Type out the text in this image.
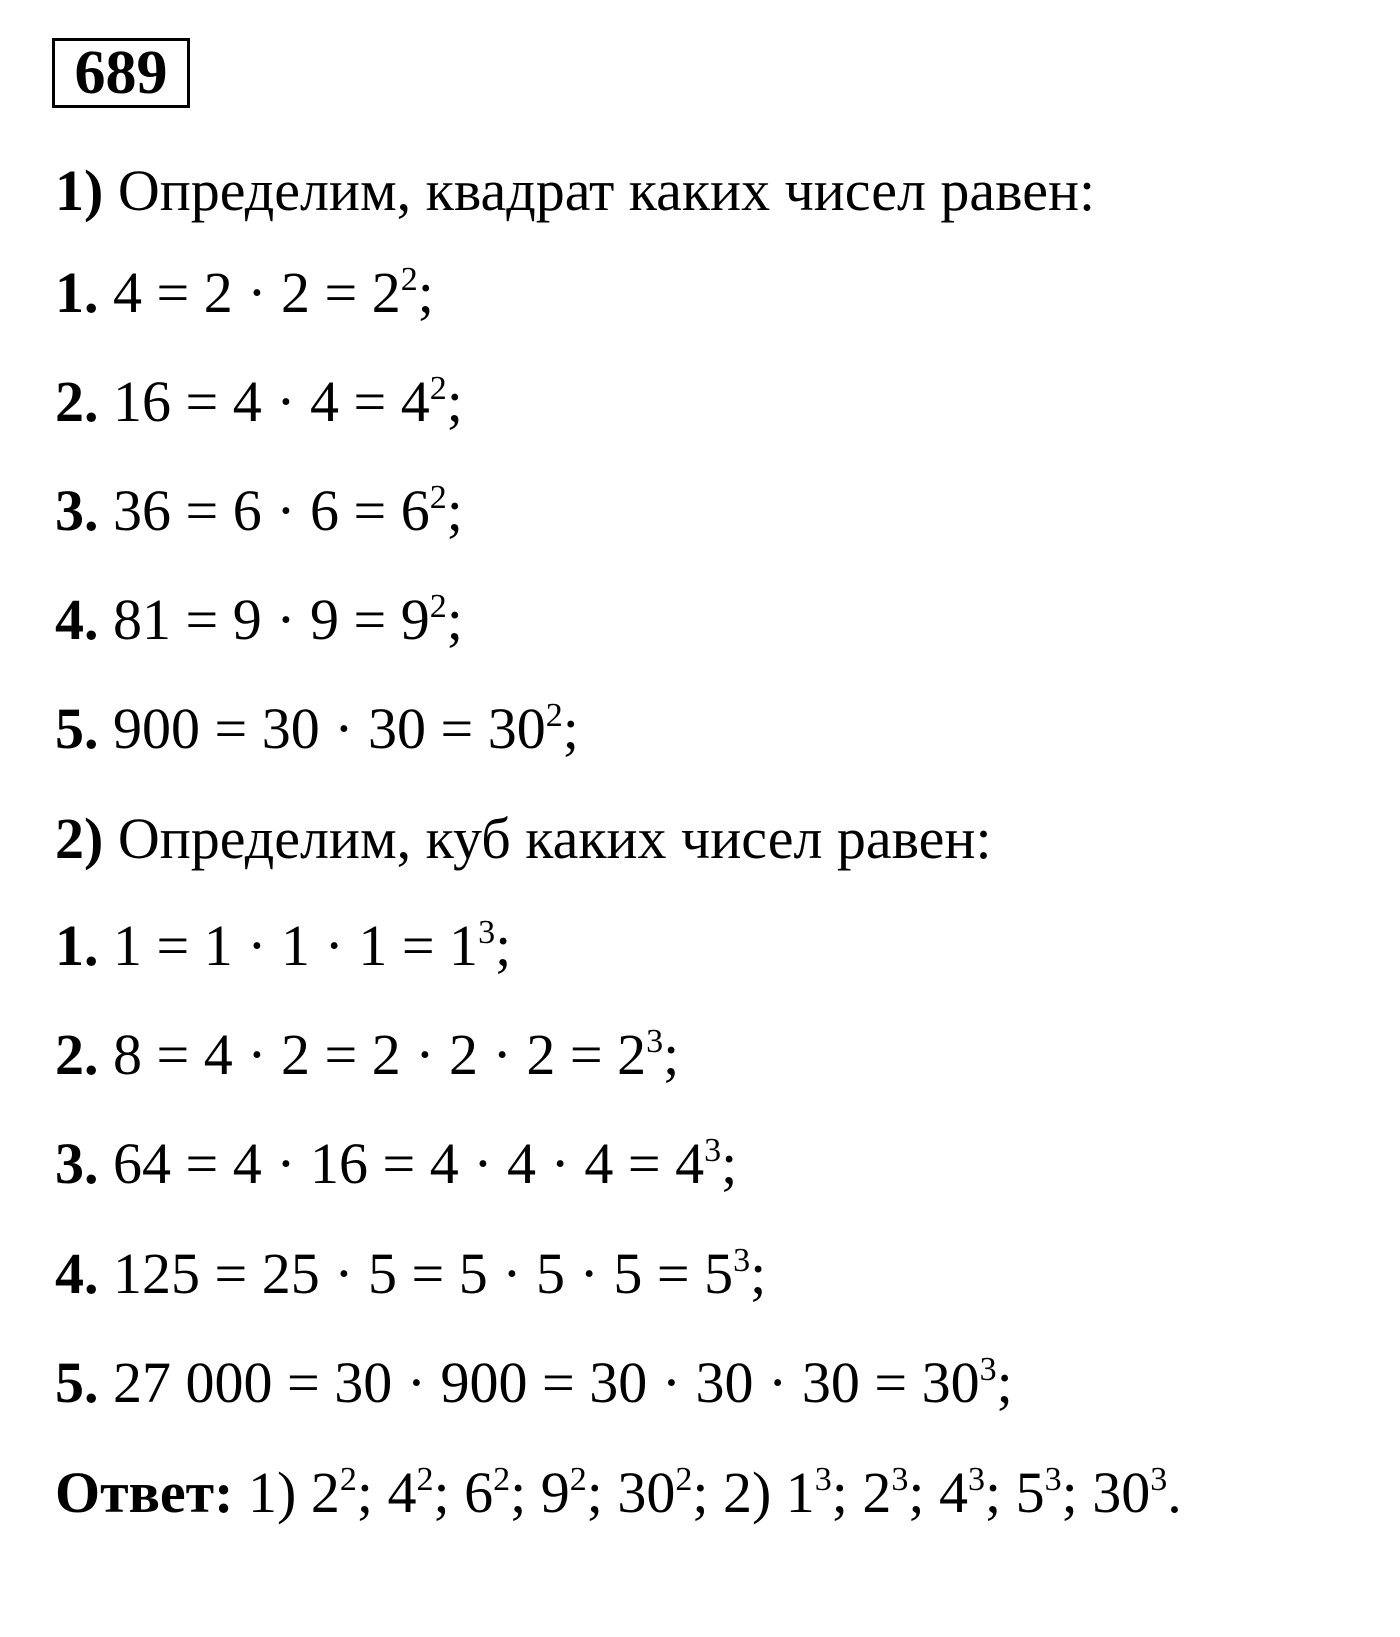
689
1) Определим, квадрат каких чисел равен:
1. $4 = 2 \cdot 2 = 2^2$;
2. $16 = 4 \cdot 4 = 4^2$;
3. $36 = 6 \cdot 6 = 6^2$;
4. $81 = 9 \cdot 9 = 9^2$;
5. $900 = 30 \cdot 30 = 30^2$;
2) Определим, куб каких чисел равен:
1. $1 = 1 \cdot 1 \cdot 1 = 1^3$;
2. $8 = 4 \cdot 2 = 2 \cdot 2 \cdot 2 = 2^3$;
3. $64 = 4 \cdot 16 = 4 \cdot 4 \cdot 4 = 4^3$;
4. $125 = 25 \cdot 5 = 5 \cdot 5 \cdot 5 = 5^3$;
5. 27 $000 = 30 \cdot 900 = 30 \cdot 30 \cdot 30 = 30^3$;
Ответ: 1) $2^2$; $4^2$; $6^2$; $9^2$; $30^2$; 2) $1^3$; $2^3$; $4^3$; $5^3$; $30^3$.
